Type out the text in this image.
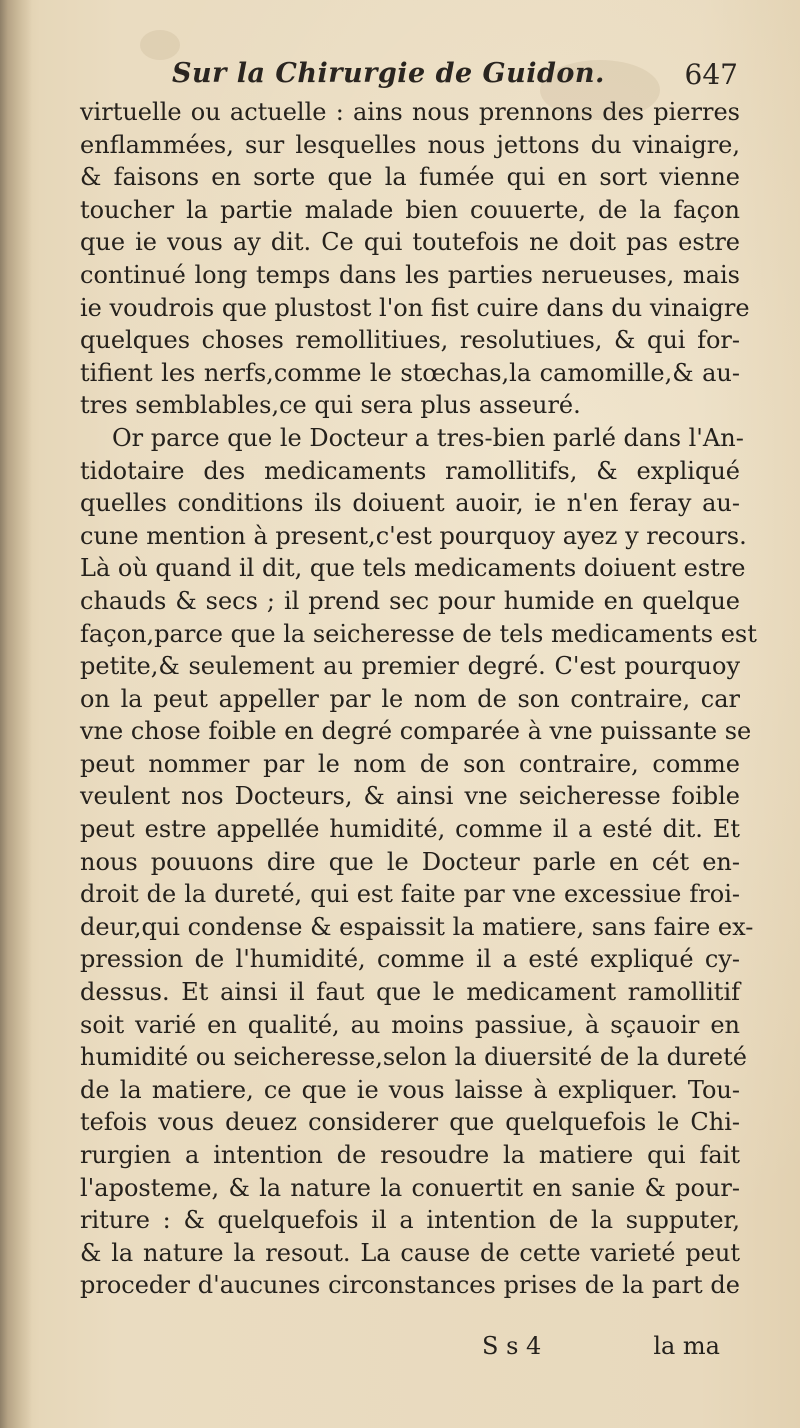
Sur la Chirurgie de Guidon.	647
virtuelle ou actuelle : ains nous prennons des pierres
enflammées, sur lesquelles nous jettons du vinaigre,
& faisons en sorte que la fumée qui en sort vienne
toucher la partie malade bien couuerte, de la façon
que ie vous ay dit. Ce qui toutefois ne doit pas estre
continué long temps dans les parties nerueuses, mais
ie voudrois que plustost l'on fist cuire dans du vinaigre
quelques choses remollitiues, resolutiues, & qui for-
tifient les nerfs,comme le stœchas,la camomille,& au-
tres semblables,ce qui sera plus asseuré.
Or parce que le Docteur a tres-bien parlé dans l'An-
tidotaire des medicaments ramollitifs, & expliqué
quelles conditions ils doiuent auoir, ie n'en feray au-
cune mention à present,c'est pourquoy ayez y recours.
Là où quand il dit, que tels medicaments doiuent estre
chauds & secs ; il prend sec pour humide en quelque
façon,parce que la seicheresse de tels medicaments est
petite,& seulement au premier degré. C'est pourquoy
on la peut appeller par le nom de son contraire, car
vne chose foible en degré comparée à vne puissante se
peut nommer par le nom de son contraire, comme
veulent nos Docteurs, & ainsi vne seicheresse foible
peut estre appellée humidité, comme il a esté dit. Et
nous pouuons dire que le Docteur parle en cét en-
droit de la dureté, qui est faite par vne excessiue froi-
deur,qui condense & espaissit la matiere, sans faire ex-
pression de l'humidité, comme il a esté expliqué cy-
dessus. Et ainsi il faut que le medicament ramollitif
soit varié en qualité, au moins passiue, à sçauoir en
humidité ou seicheresse,selon la diuersité de la dureté
de la matiere, ce que ie vous laisse à expliquer. Tou-
tefois vous deuez considerer que quelquefois le Chi-
rurgien a intention de resoudre la matiere qui fait
l'aposteme, & la nature la conuertit en sanie & pour-
riture : & quelquefois il a intention de la supputer,
& la nature la resout. La cause de cette varieté peut
proceder d'aucunes circonstances prises de la part de
S s 4	la ma
